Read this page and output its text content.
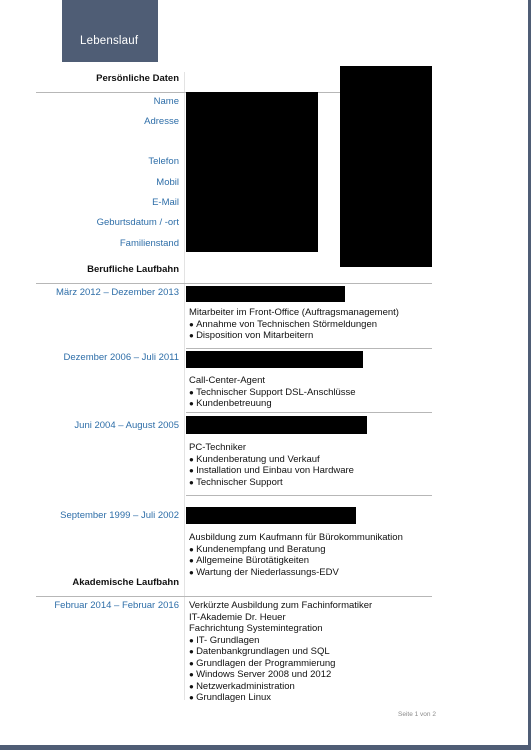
Lebenslauf
Persönliche Daten
Name
Adresse
Telefon
Mobil
E-Mail
Geburtsdatum / -ort
Familienstand
Berufliche Laufbahn
März 2012 – Dezember 2013
Mitarbeiter im Front-Office (Auftragsmanagement)
● Annahme von Technischen Störmeldungen
● Disposition von Mitarbeitern
Dezember 2006 – Juli 2011
Call-Center-Agent
● Technischer Support DSL-Anschlüsse
● Kundenbetreuung
Juni 2004 – August 2005
PC-Techniker
● Kundenberatung und Verkauf
● Installation und Einbau von Hardware
● Technischer Support
September 1999 – Juli 2002
Ausbildung zum Kaufmann für Bürokommunikation
● Kundenempfang und Beratung
● Allgemeine Bürotätigkeiten
● Wartung der Niederlassungs-EDV
Akademische Laufbahn
Februar 2014 – Februar 2016 Verkürzte Ausbildung zum Fachinformatiker
IT-Akademie Dr. Heuer
Fachrichtung Systemintegration
● IT- Grundlagen
● Datenbankgrundlagen und SQL
● Grundlagen der Programmierung
● Windows Server 2008 und 2012
● Netzwerkadministration
● Grundlagen Linux
Seite 1 von 2
